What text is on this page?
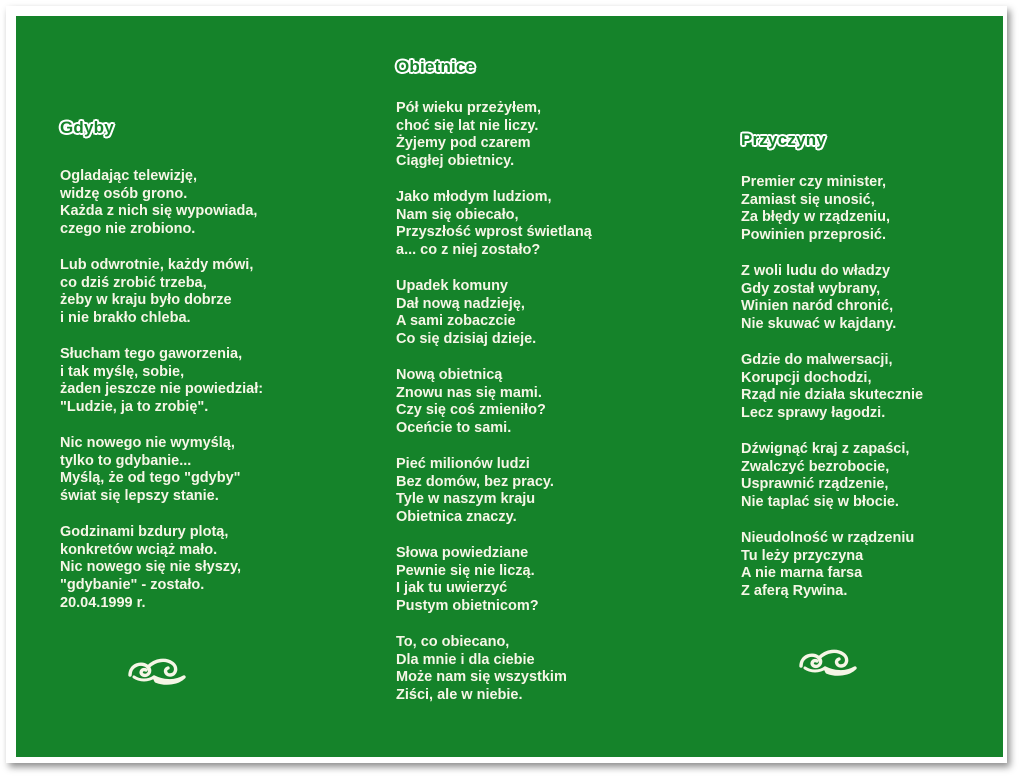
Gdyby
Ogladając telewizję,
widzę osób grono.
Każda z nich się wypowiada,
czego nie zrobiono.
Lub odwrotnie, każdy mówi,
co dziś zrobić trzeba,
żeby w kraju było dobrze
i nie brakło chleba.
Słucham tego gaworzenia,
i tak myślę, sobie,
żaden jeszcze nie powiedział:
"Ludzie, ja to zrobię".
Nic nowego nie wymyślą,
tylko to gdybanie...
Myślą, że od tego "gdyby"
świat się lepszy stanie.
Godzinami bzdury plotą,
konkretów wciąż mało.
Nic nowego się nie słyszy,
"gdybanie" - zostało.
20.04.1999 r.
Obietnice
Pół wieku przeżyłem,
choć się lat nie liczy.
Żyjemy pod czarem
Ciągłej obietnicy.
Jako młodym ludziom,
Nam się obiecało,
Przyszłość wprost świetlaną
a... co z niej zostało?
Upadek komuny
Dał nową nadzieję,
A sami zobaczcie
Co się dzisiaj dzieje.
Nową obietnicą
Znowu nas się mami.
Czy się coś zmieniło?
Oceńcie to sami.
Pieć milionów ludzi
Bez domów, bez pracy.
Tyle w naszym kraju
Obietnica znaczy.
Słowa powiedziane
Pewnie się nie liczą.
I jak tu uwierzyć
Pustym obietnicom?
To, co obiecano,
Dla mnie i dla ciebie
Może nam się wszystkim
Ziści, ale w niebie.
Przyczyny
Premier czy minister,
Zamiast się unosić,
Za błędy w rządzeniu,
Powinien przeprosić.
Z woli ludu do władzy
Gdy został wybrany,
Winien naród chronić,
Nie skuwać w kajdany.
Gdzie do malwersacji,
Korupcji dochodzi,
Rząd nie działa skutecznie
Lecz sprawy łagodzi.
Dźwignąć kraj z zapaści,
Zwalczyć bezrobocie,
Usprawnić rządzenie,
Nie taplać się w błocie.
Nieudolność w rządzeniu
Tu leży przyczyna
A nie marna farsa
Z aferą Rywina.
